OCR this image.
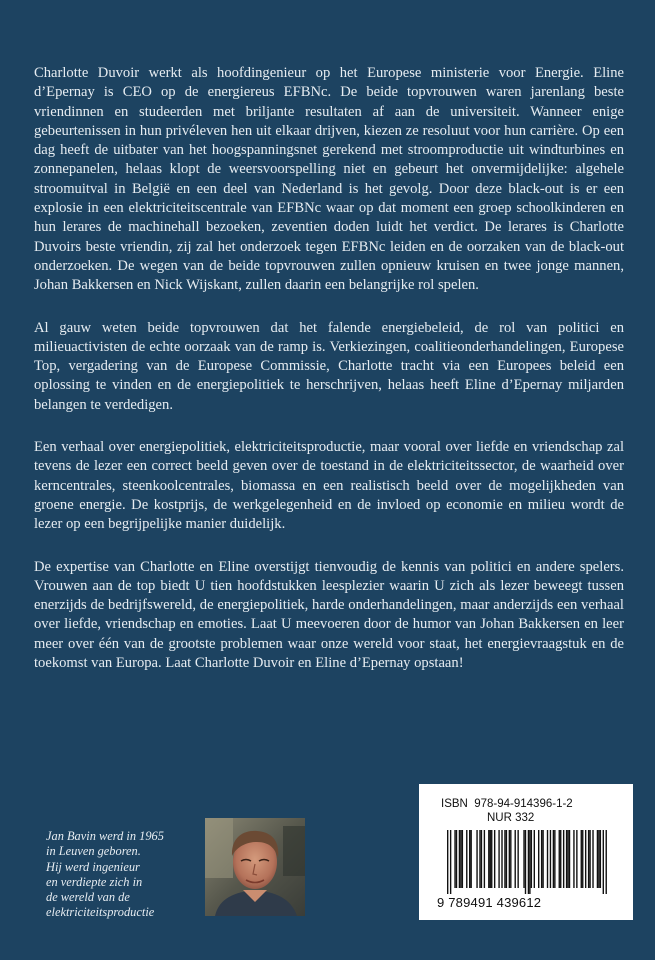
Charlotte Duvoir werkt als hoofdingenieur op het Europese ministerie voor Energie. Eline d’Epernay is CEO op de energiereus EFBNc. De beide topvrouwen waren jarenlang beste vriendinnen en studeerden met briljante resultaten af aan de universiteit. Wanneer enige gebeurtenissen in hun privéleven hen uit elkaar drijven, kiezen ze resoluut voor hun carrière. Op een dag heeft de uitbater van het hoogspanningsnet gerekend met stroomproductie uit windturbines en zonnepanelen, helaas klopt de weersvoorspelling niet en gebeurt het onvermijdelijke: algehele stroomuitval in België en een deel van Nederland is het gevolg. Door deze black-out is er een explosie in een elektriciteitscentrale van EFBNc waar op dat moment een groep schoolkinderen en hun lerares de machinehall bezoeken, zeventien doden luidt het verdict. De lerares is Charlotte Duvoirs beste vriendin, zij zal het onderzoek tegen EFBNc leiden en de oorzaken van de black-out onderzoeken. De wegen van de beide topvrouwen zullen opnieuw kruisen en twee jonge mannen, Johan Bakkersen en Nick Wijskant, zullen daarin een belangrijke rol spelen.

Al gauw weten beide topvrouwen dat het falende energiebeleid, de rol van politici en milieuactivisten de echte oorzaak van de ramp is. Verkiezingen, coalitieonderhandelingen, Europese Top, vergadering van de Europese Commissie, Charlotte tracht via een Europees beleid een oplossing te vinden en de energiepolitiek te herschrijven, helaas heeft Eline d’Epernay miljarden belangen te verdedigen.

Een verhaal over energiepolitiek, elektriciteitsproductie, maar vooral over liefde en vriendschap zal tevens de lezer een correct beeld geven over de toestand in de elektriciteitssector, de waarheid over kerncentrales, steenkoolcentrales, biomassa en een realistisch beeld over de mogelijkheden van groene energie. De kostprijs, de werkgelegenheid en de invloed op economie en milieu wordt de lezer op een begrijpelijke manier duidelijk.

De expertise van Charlotte en Eline overstijgt tienvoudig de kennis van politici en andere spelers. Vrouwen aan de top biedt U tien hoofdstukken leesplezier waarin U zich als lezer beweegt tussen enerzijds de bedrijfswereld, de energiepolitiek, harde onderhandelingen, maar anderzijds een verhaal over liefde, vriendschap en emoties. Laat U meevoeren door de humor van Johan Bakkersen en leer meer over één van de grootste problemen waar onze wereld voor staat, het energievraagstuk en de toekomst van Europa. Laat Charlotte Duvoir en Eline d’Epernay opstaan!

Jan Bavin werd in 1965
in Leuven geboren.
Hij werd ingenieur
en verdiepte zich in
de wereld van de
elektriciteitsproductie
ISBN  978-94-914396-1-2
NUR 332
9 789491 439612
